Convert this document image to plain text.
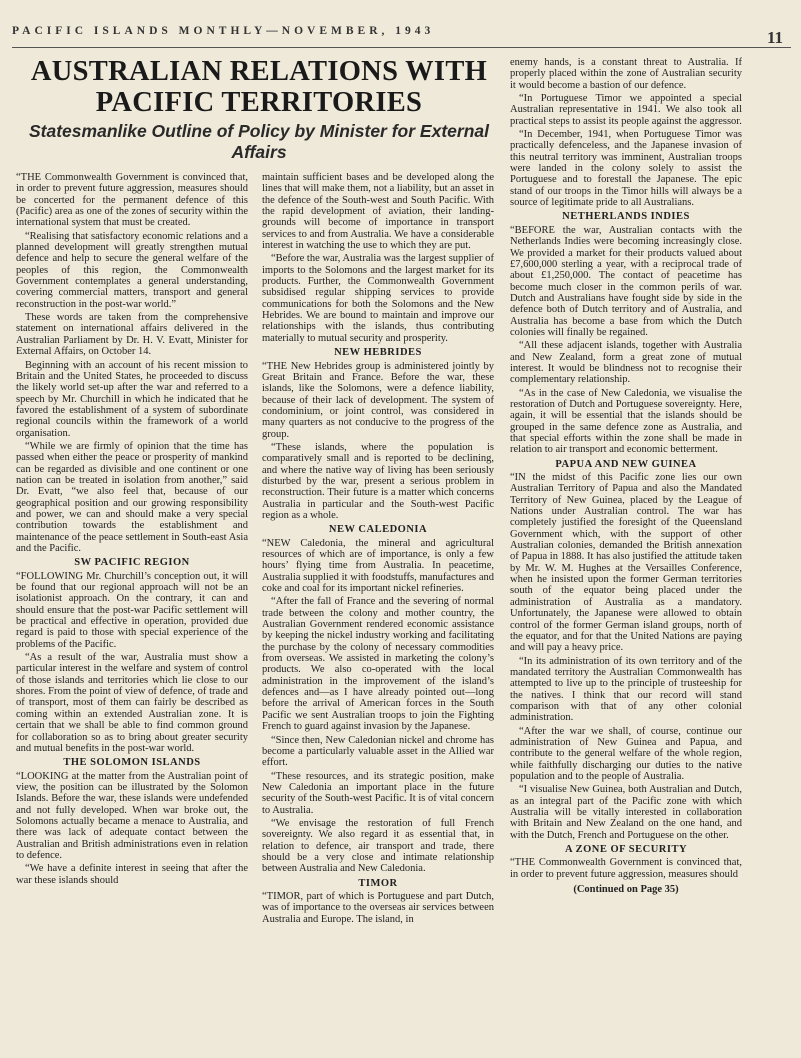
PACIFIC ISLANDS MONTHLY—NOVEMBER, 1943	11
AUSTRALIAN RELATIONS WITH PACIFIC TERRITORIES
Statesmanlike Outline of Policy by Minister for External Affairs

“THE Commonwealth Government is convinced that, in order to prevent future aggression, measures should be concerted for the permanent defence of this (Pacific) area as one of the zones of security within the international system that must be created.

“Realising that satisfactory economic relations and a planned development will greatly strengthen mutual defence and help to secure the general welfare of the peoples of this region, the Commonwealth Government contemplates a general understanding, covering commercial matters, transport and general reconstruction in the post-war world.”

These words are taken from the comprehensive statement on international affairs delivered in the Australian Parliament by Dr. H. V. Evatt, Minister for External Affairs, on October 14.

Beginning with an account of his recent mission to Britain and the United States, he proceeded to discuss the likely world set-up after the war and referred to a speech by Mr. Churchill in which he indicated that he favored the establishment of a system of subordinate regional councils within the framework of a world organisation.

“While we are firmly of opinion that the time has passed when either the peace or prosperity of mankind can be regarded as divisible and one continent or one nation can be treated in isolation from another,” said Dr. Evatt, “we also feel that, because of our geographical position and our growing responsibility and power, we can and should make a very special contribution towards the establishment and maintenance of the peace settlement in South-east Asia and the Pacific.

SW PACIFIC REGION

“FOLLOWING Mr. Churchill’s conception out, it will be found that our regional approach will not be an isolationist approach. On the contrary, it can and should ensure that the post-war Pacific settlement will be practical and effective in operation, provided due regard is paid to those with special experience of the problems of the Pacific.

“As a result of the war, Australia must show a particular interest in the welfare and system of control of those islands and territories which lie close to our shores. From the point of view of defence, of trade and of transport, most of them can fairly be described as coming within an extended Australian zone. It is certain that we shall be able to find common ground for collaboration so as to bring about greater security and mutual benefits in the post-war world.

THE SOLOMON ISLANDS

“LOOKING at the matter from the Australian point of view, the position can be illustrated by the Solomon Islands. Before the war, these islands were undefended and not fully developed. When war broke out, the Solomons actually became a menace to Australia, and there was lack of adequate contact between the Australian and British administrations even in relation to defence.

“We have a definite interest in seeing that after the war these islands should

maintain sufficient bases and be developed along the lines that will make them, not a liability, but an asset in the defence of the South-west and South Pacific. With the rapid development of aviation, their landing-grounds will become of importance in transport services to and from Australia. We have a considerable interest in watching the use to which they are put.

“Before the war, Australia was the largest supplier of imports to the Solomons and the largest market for its products. Further, the Commonwealth Government subsidised regular shipping services to provide communications for both the Solomons and the New Hebrides. We are bound to maintain and improve our relationships with the islands, thus contributing materially to mutual security and prosperity.

NEW HEBRIDES

“THE New Hebrides group is administered jointly by Great Britain and France. Before the war, these islands, like the Solomons, were a defence liability, because of their lack of development. The system of condominium, or joint control, was considered in many quarters as not conducive to the progress of the group.

“These islands, where the population is comparatively small and is reported to be declining, and where the native way of living has been seriously disturbed by the war, present a serious problem in reconstruction. Their future is a matter which concerns Australia in particular and the South-west Pacific region as a whole.

NEW CALEDONIA

“NEW Caledonia, the mineral and agricultural resources of which are of importance, is only a few hours’ flying time from Australia. In peacetime, Australia supplied it with foodstuffs, manufactures and coke and coal for its important nickel refineries.

“After the fall of France and the severing of normal trade between the colony and mother country, the Australian Government rendered economic assistance by keeping the nickel industry working and facilitating the purchase by the colony of necessary commodities from overseas. We assisted in marketing the colony’s products. We also co-operated with the local administration in the improvement of the island’s defences and—as I have already pointed out—long before the arrival of American forces in the South Pacific we sent Australian troops to join the Fighting French to guard against invasion by the Japanese.

“Since then, New Caledonian nickel and chrome has become a particularly valuable asset in the Allied war effort.

“These resources, and its strategic position, make New Caledonia an important place in the future security of the South-west Pacific. It is of vital concern to Australia.

“We envisage the restoration of full French sovereignty. We also regard it as essential that, in relation to defence, air transport and trade, there should be a very close and intimate relationship between Australia and New Caledonia.

TIMOR

“TIMOR, part of which is Portuguese and part Dutch, was of importance to the overseas air services between Australia and Europe. The island, in

enemy hands, is a constant threat to Australia. If properly placed within the zone of Australian security it would become a bastion of our defence.

“In Portuguese Timor we appointed a special Australian representative in 1941. We also took all practical steps to assist its people against the aggressor.

“In December, 1941, when Portuguese Timor was practically defenceless, and the Japanese invasion of this neutral territory was imminent, Australian troops were landed in the colony solely to assist the Portuguese and to forestall the Japanese. The epic stand of our troops in the Timor hills will always be a source of legitimate pride to all Australians.

NETHERLANDS INDIES

“BEFORE the war, Australian contacts with the Netherlands Indies were becoming increasingly close. We provided a market for their products valued about £7,600,000 sterling a year, with a reciprocal trade of about £1,250,000. The contact of peacetime has become much closer in the common perils of war. Dutch and Australians have fought side by side in the defence both of Dutch territory and of Australia, and Australia has become a base from which the Dutch colonies will finally be regained.

“All these adjacent islands, together with Australia and New Zealand, form a great zone of mutual interest. It would be blindness not to recognise their complementary relationship.

“As in the case of New Caledonia, we visualise the restoration of Dutch and Portuguese sovereignty. Here, again, it will be essential that the islands should be grouped in the same defence zone as Australia, and that special efforts within the zone shall be made in relation to air transport and economic betterment.

PAPUA AND NEW GUINEA

“IN the midst of this Pacific zone lies our own Australian Territory of Papua and also the Mandated Territory of New Guinea, placed by the League of Nations under Australian control. The war has completely justified the foresight of the Queensland Government which, with the support of other Australian colonies, demanded the British annexation of Papua in 1888. It has also justified the attitude taken by Mr. W. M. Hughes at the Versailles Conference, when he insisted upon the former German territories south of the equator being placed under the administration of Australia as a mandatory. Unfortunately, the Japanese were allowed to obtain control of the former German island groups, north of the equator, and for that the United Nations are paying and will pay a heavy price.

“In its administration of its own territory and of the mandated territory the Australian Commonwealth has attempted to live up to the principle of trusteeship for the natives. I think that our record will stand comparison with that of any other colonial administration.

“After the war we shall, of course, continue our administration of New Guinea and Papua, and contribute to the general welfare of the whole region, while faithfully discharging our duties to the native population and to the people of Australia.

“I visualise New Guinea, both Australian and Dutch, as an integral part of the Pacific zone with which Australia will be vitally interested in collaboration with Britain and New Zealand on the one hand, and with the Dutch, French and Portuguese on the other.

A ZONE OF SECURITY

“THE Commonwealth Government is convinced that, in order to prevent future aggression, measures should

(Continued on Page 35)
